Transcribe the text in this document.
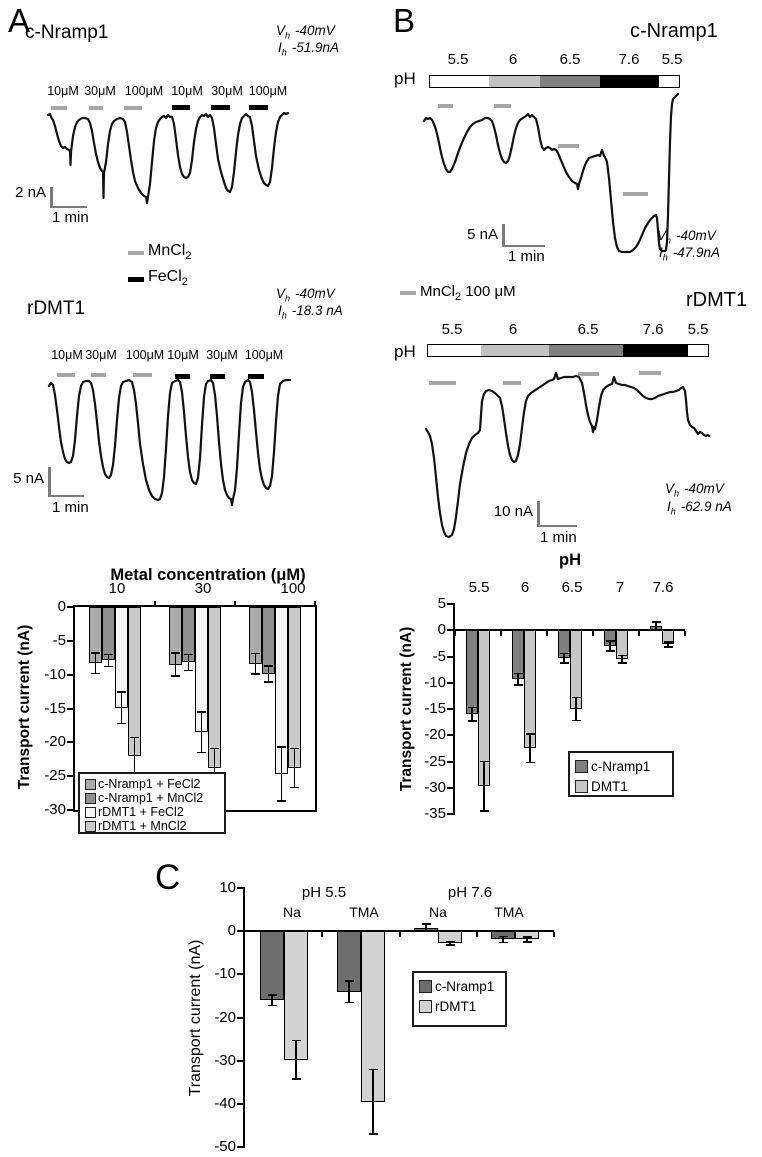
A
c-Nramp1	$V_h$ -40mV
$I_h$ -51.9nA
10μM 30μM 100μM 10μM 30μM 100μM
2 nA
1 min
MnCl$_2$
FeCl$_2$
rDMT1
$V_h$ -40mV
$I_h$ -18.3 nA
10μM 30μM 100μM 10μM 30μM 100μM
5 nA
1 min
B	c-Nramp1
pH
5.5	6	6.5	7.6	5.5
5 nA
1 min
$V_h$ -40mV
$I_h$ -47.9nA
MnCl$_2$ 100 μM	rDMT1
pH
5.5	6	6.5	7.6	5.5
10 nA
1 min
$V_h$ -40mV
$I_h$ -62.9 nA
Metal concentration (μM)
Transport current (nA)
0
-5
-10
-15
-20
-25
-30
10	30	100
c-Nramp1 + FeCl2
c-Nramp1 + MnCl2
rDMT1 + FeCl2
rDMT1 + MnCl2
pH
Transport current (nA)
5
0
-5
-10
-15
-20
-25
-30
-35
5.5	6	6.5	7	7.6
c-Nramp1
DMT1
C
Transport current (nA)
10
0
-10
-20
-30
-40
-50
Na	TMA	Na	TMA
pH 5.5	pH 7.6
c-Nramp1
rDMT1
